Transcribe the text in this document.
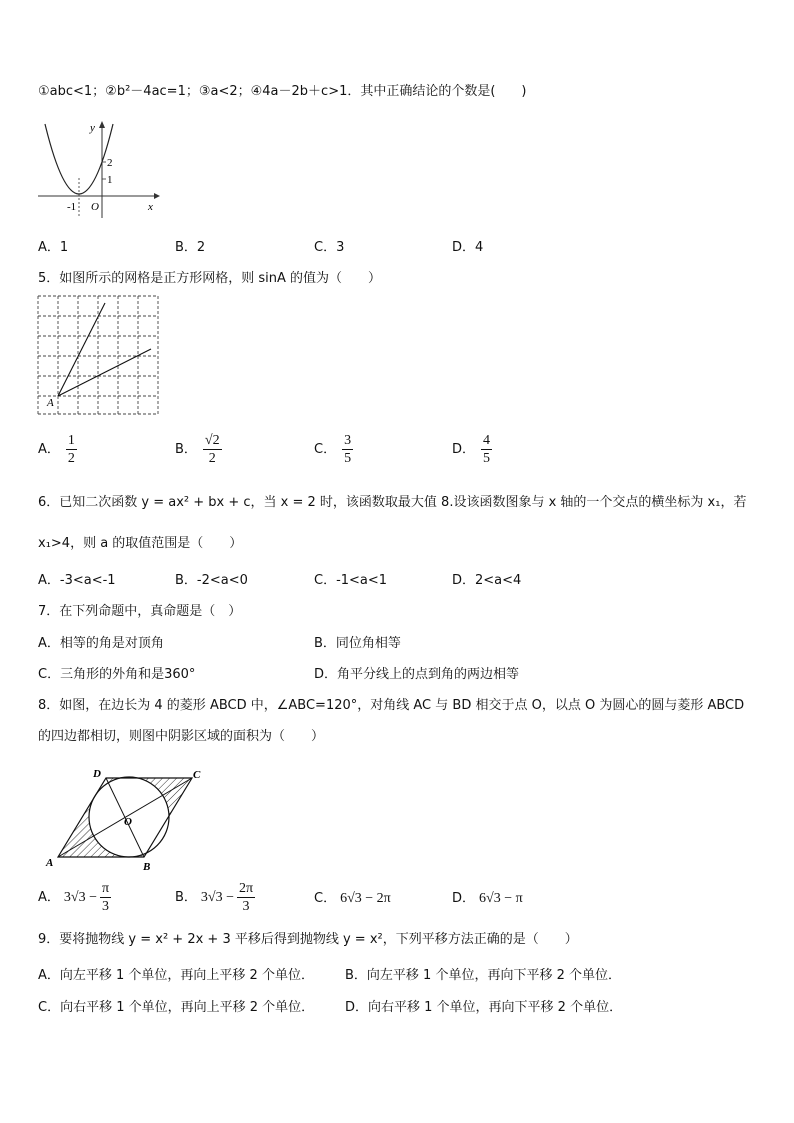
①abc<1；②b²－4ac=1；③a<2；④4a－2b＋c>1．其中正确结论的个数是(　　)
y
x
O
-1
2
1
A．1	B．2	C．3	D．4
5．如图所示的网格是正方形网格，则 sinA 的值为（　　）
A
A． $\frac{1}{2}$	B． $\frac{√2}{2}$	C． $\frac{3}{5}$	D． $\frac{4}{5}$
6．已知二次函数 y = ax² + bx + c，当 x = 2 时，该函数取最大值 8.设该函数图象与 x 轴的一个交点的横坐标为 x₁，若
x₁>4，则 a 的取值范围是（　　）
A．-3<a<-1	B．-2<a<0	C．-1<a<1	D．2<a<4
7．在下列命题中，真命题是（　）
A．相等的角是对顶角	B．同位角相等
C．三角形的外角和是360°	D．角平分线上的点到角的两边相等
8．如图，在边长为 4 的菱形 ABCD 中，∠ABC=120°，对角线 AC 与 BD 相交于点 O，以点 O 为圆心的圆与菱形 ABCD
的四边都相切，则图中阴影区域的面积为（　　）
A	B
C
D
O
A． $3√3 - \frac{\pi}{3}$	B． $3√3 - \frac{2\pi}{3}$	C． 6√3 − 2π	D． 6√3 − π
9．要将抛物线 y = x² + 2x + 3 平移后得到抛物线 y = x²，下列平移方法正确的是（　　）
A．向左平移 1 个单位，再向上平移 2 个单位． B．向左平移 1 个单位，再向下平移 2 个单位．
C．向右平移 1 个单位，再向上平移 2 个单位． D．向右平移 1 个单位，再向下平移 2 个单位．
